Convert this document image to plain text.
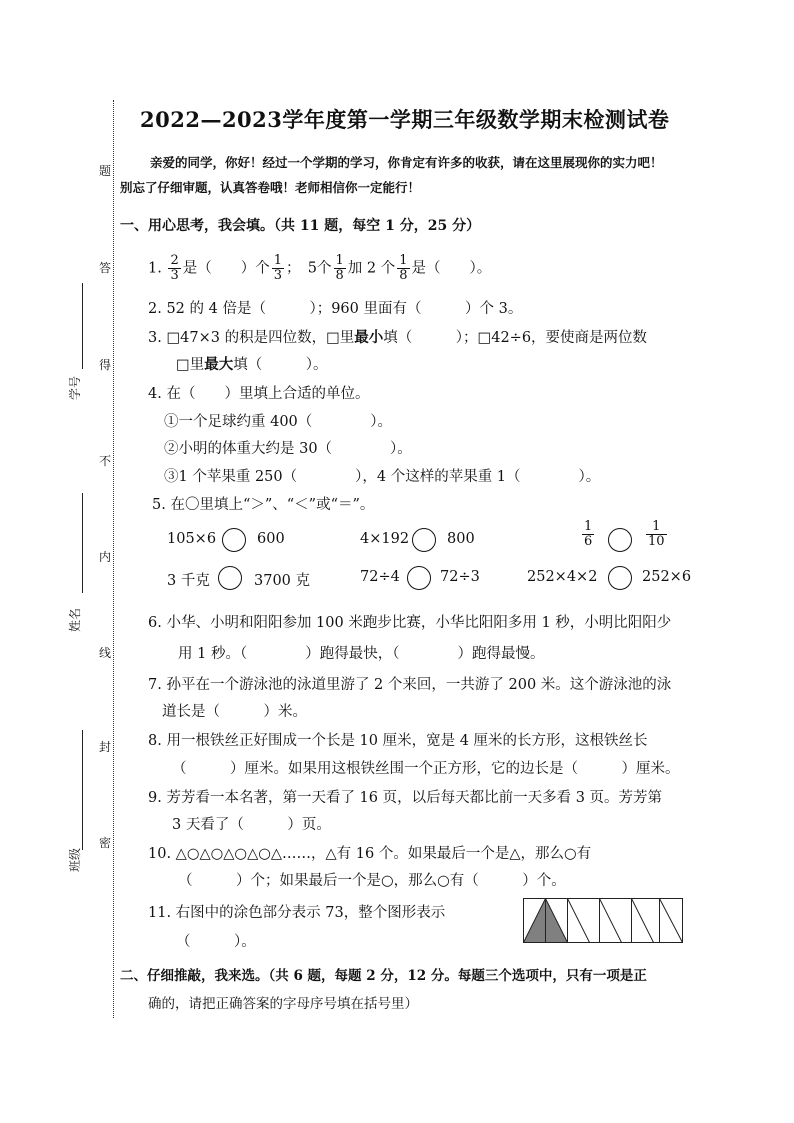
题
答
得
不
内
线
封
密
学号
姓名
班级
2022—2023学年度第一学期三年级数学期末检测试卷
亲爱的同学，你好！经过一个学期的学习，你肯定有许多的收获，请在这里展现你的实力吧！
别忘了仔细审题，认真答卷哦！老师相信你一定能行！
一、用心思考，我会填。（共 11 题，每空 1 分，25 分）
1. $\frac{2}{3}$ 是（　　）个 $\frac{1}{3}$ ；　5个 $\frac{1}{8}$ 加 2 个 $\frac{1}{8}$ 是（　　）。
2. 52 的 4 倍是（　　　）；960 里面有（　　　）个 3。
3. □47×3 的积是四位数，□里最小填（　　　）；□42÷6，要使商是两位数
□里最大填（　　　）。
4. 在（　　）里填上合适的单位。
①一个足球约重 400（　　　　）。
②小明的体重大约是 30（　　　　）。
③1 个苹果重 250（　　　　），4 个这样的苹果重 1（　　　　）。
5. 在〇里填上“＞”、“＜”或“＝”。
105×6	600	4×192	800	$\frac{1}{6}$	$\frac{1}{10}$
3 千克	3700 克	72÷4	72÷3	252×4×2	252×6
6. 小华、小明和阳阳参加 100 米跑步比赛，小华比阳阳多用 1 秒，小明比阳阳少
用 1 秒。（　　　　）跑得最快，（　　　　）跑得最慢。
7. 孙平在一个游泳池的泳道里游了 2 个来回，一共游了 200 米。这个游泳池的泳
道长是（　　　）米。
8. 用一根铁丝正好围成一个长是 10 厘米，宽是 4 厘米的长方形，这根铁丝长
（　　　）厘米。如果用这根铁丝围一个正方形，它的边长是（　　　）厘米。
9. 芳芳看一本名著，第一天看了 16 页，以后每天都比前一天多看 3 页。芳芳第
3 天看了（　　　）页。
10. △○△○△○△○△……，△有 16 个。如果最后一个是△，那么○有
（　　　）个；如果最后一个是○，那么○有（　　　）个。
11. 右图中的涂色部分表示 73，整个图形表示
（　　　）。
二、仔细推敲，我来选。（共 6 题，每题 2 分，12 分。每题三个选项中，只有一项是正
确的，请把正确答案的字母序号填在括号里）
